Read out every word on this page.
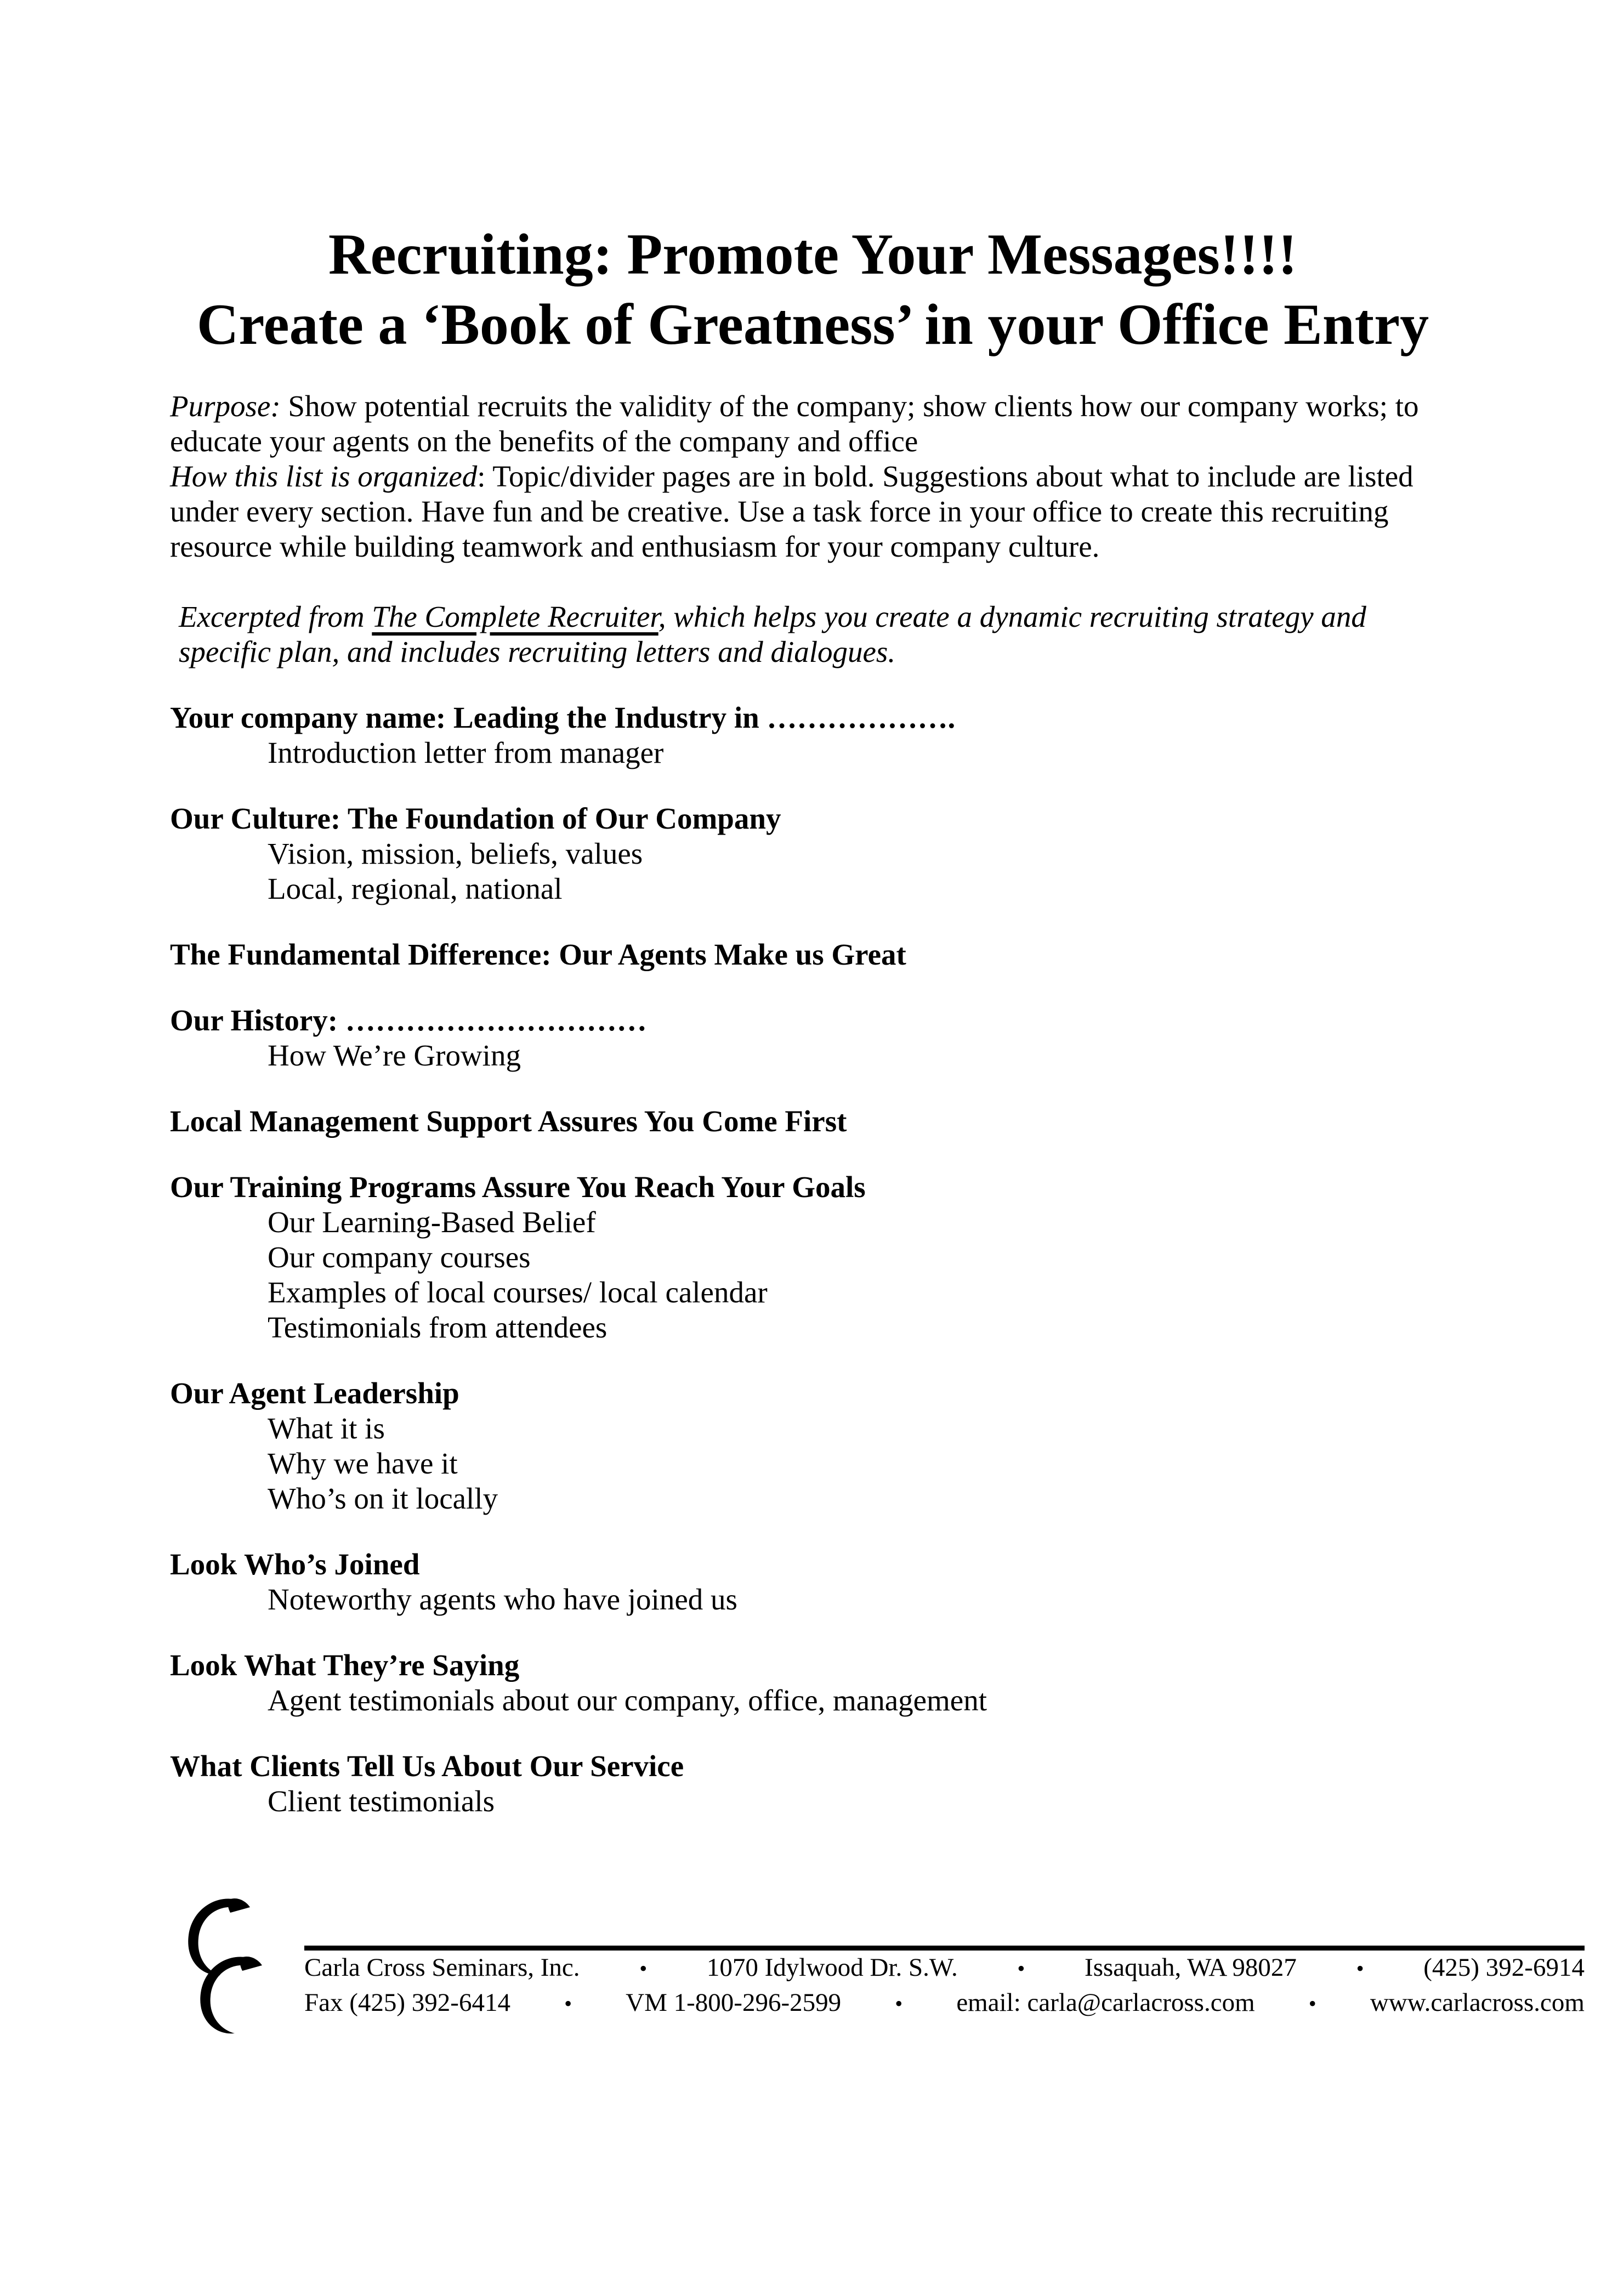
Recruiting: Promote Your Messages!!!!
Create a ‘Book of Greatness’ in your Office Entry

Purpose: Show potential recruits the validity of the company; show clients how our company works; to educate your agents on the benefits of the company and office

How this list is organized: Topic/divider pages are in bold. Suggestions about what to include are listed under every section. Have fun and be creative. Use a task force in your office to create this recruiting resource while building teamwork and enthusiasm for your company culture.

Excerpted from The Complete Recruiter, which helps you create a dynamic recruiting strategy and specific plan, and includes recruiting letters and dialogues.

Your company name: Leading the Industry in ……………….

Introduction letter from manager

Our Culture: The Foundation of Our Company

Vision, mission, beliefs, values

Local, regional, national

The Fundamental Difference: Our Agents Make us Great
Our History: …………………………

How We’re Growing

Local Management Support Assures You Come First
Our Training Programs Assure You Reach Your Goals

Our Learning-Based Belief

Our company courses

Examples of local courses/ local calendar

Testimonials from attendees

Our Agent Leadership

What it is

Why we have it

Who’s on it locally

Look Who’s Joined

Noteworthy agents who have joined us

Look What They’re Saying

Agent testimonials about our company, office, management

What Clients Tell Us About Our Service

Client testimonials

Carla Cross Seminars, Inc.	• 1070 Idylwood Dr. S.W.	• Issaquah, WA 98027	• (425) 392-6914
Fax (425) 392-6414 • VM 1-800-296-2599 • email: carla@carlacross.com • www.carlacross.com
